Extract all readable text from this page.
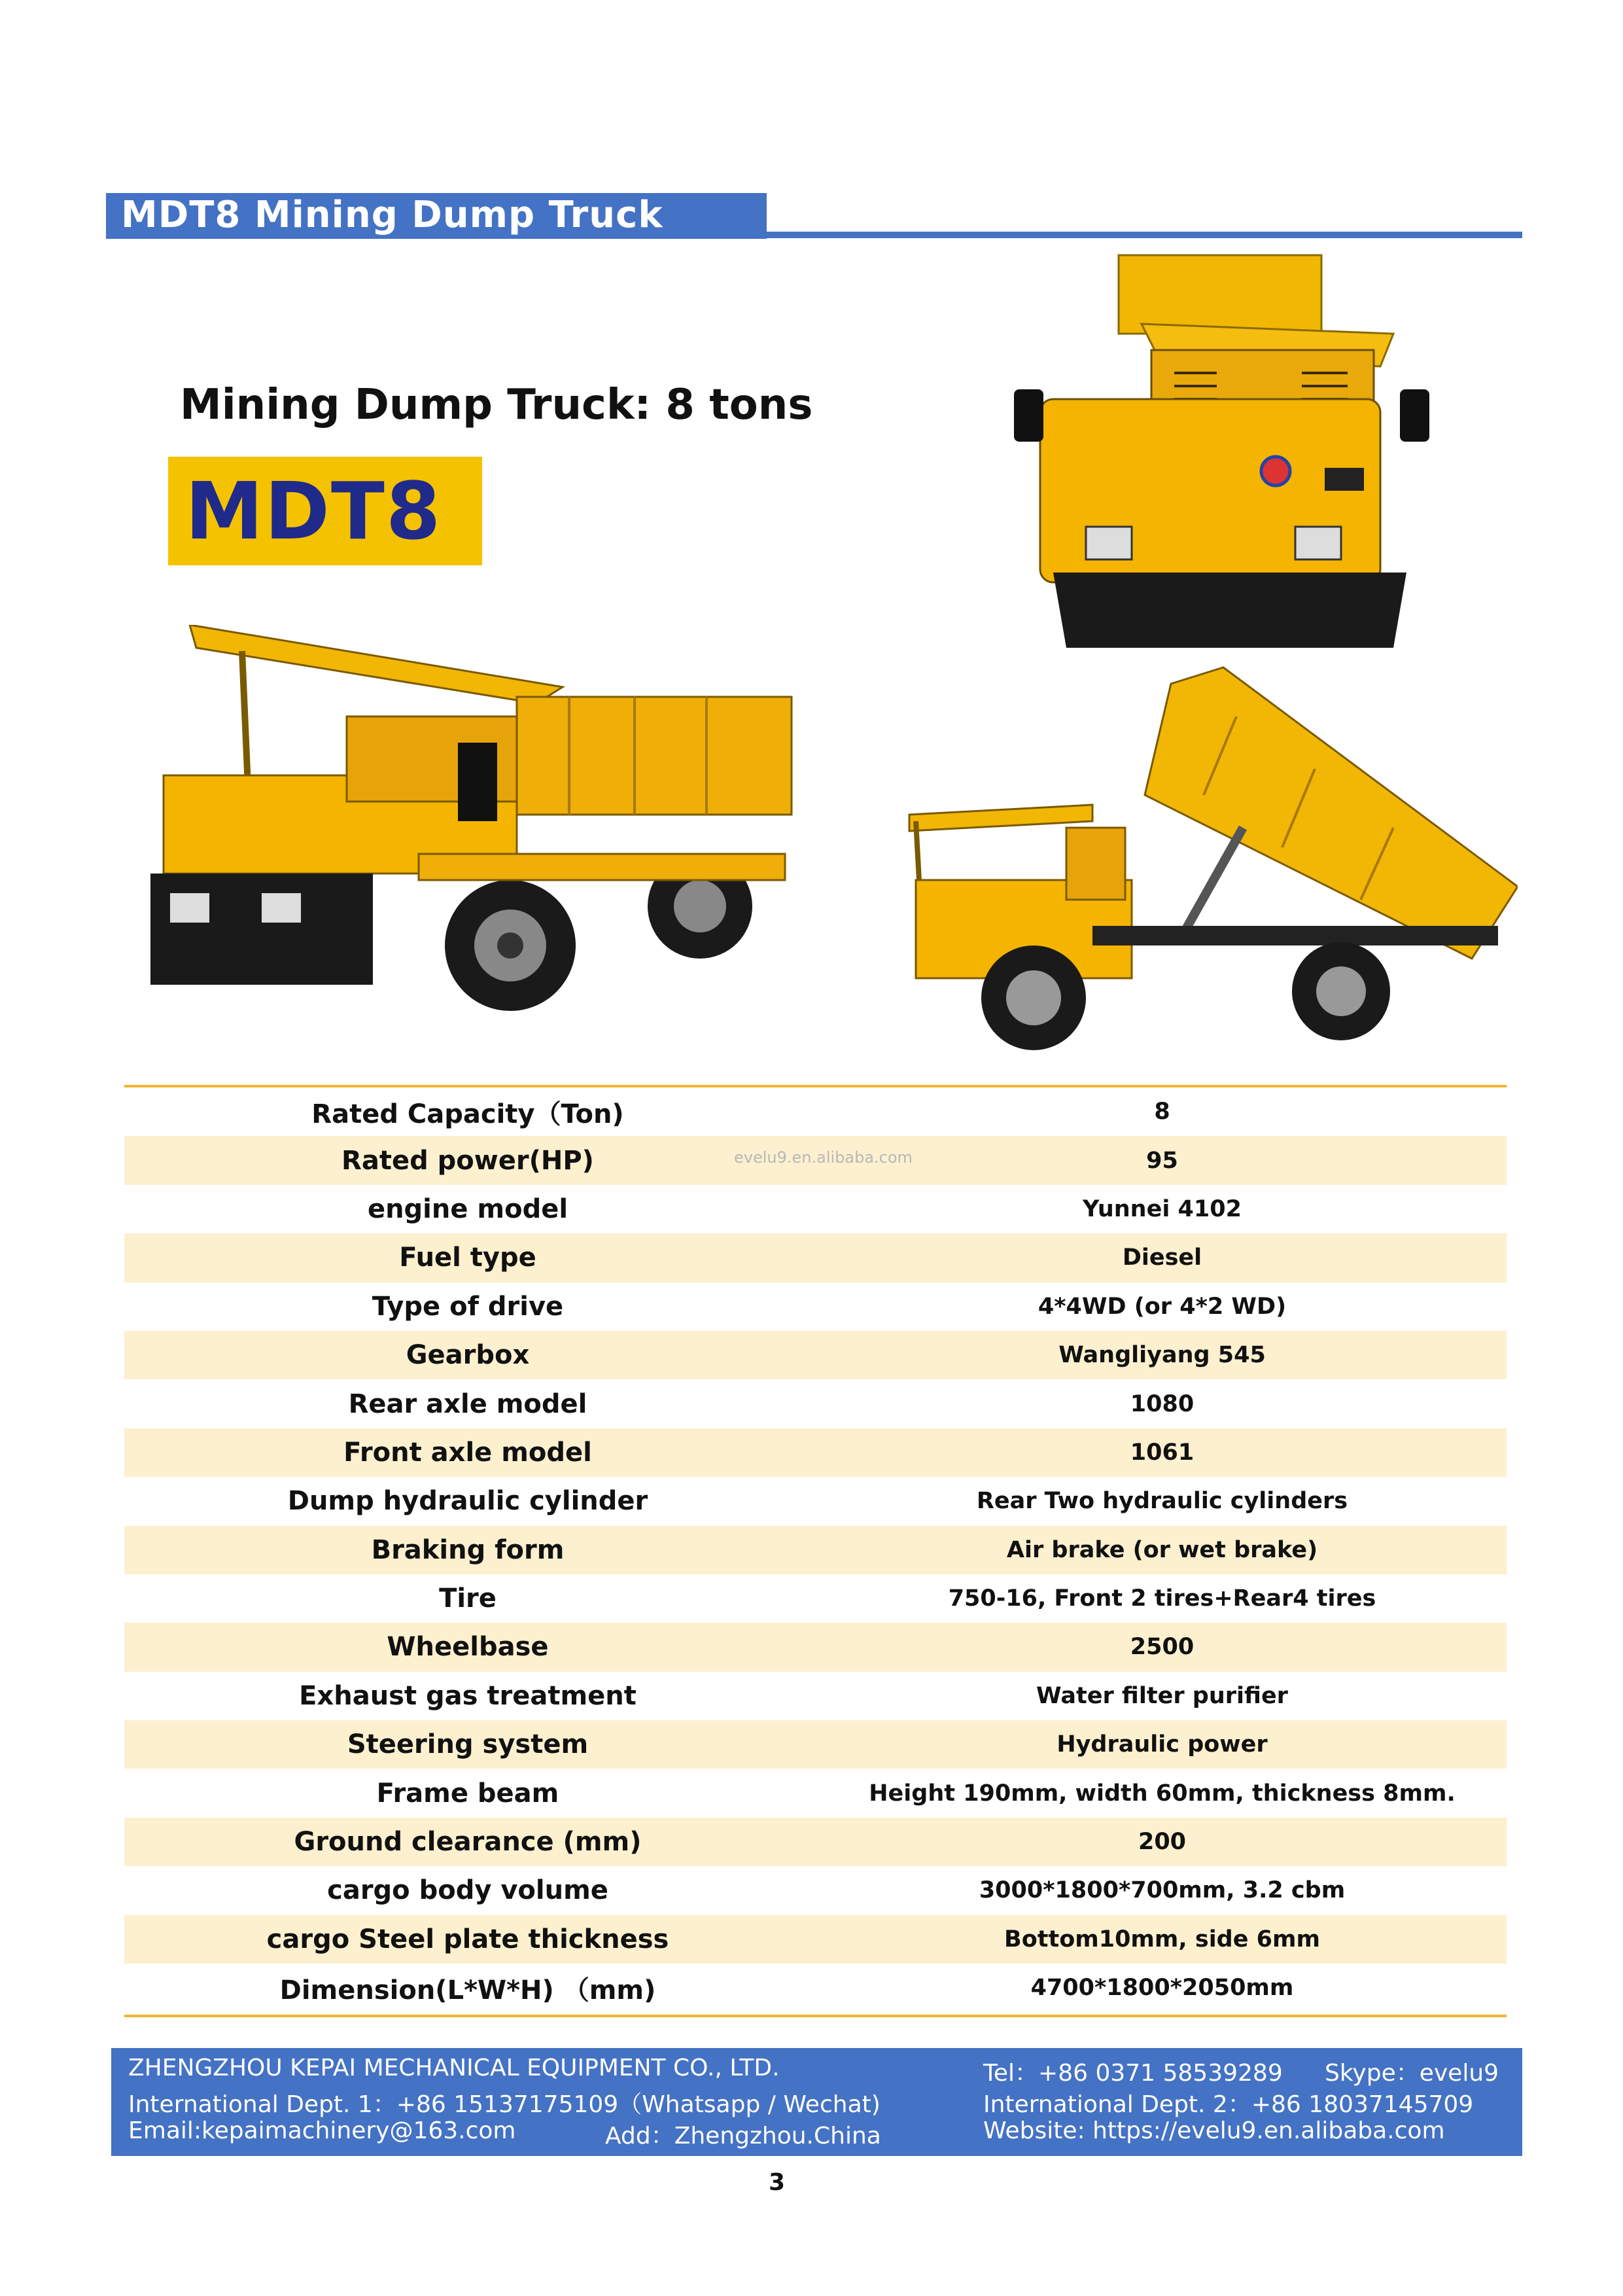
MDT8 Mining Dump Truck
Mining Dump Truck: 8 tons
MDT8
Rated Capacity（Ton)	8
Rated power(HP)	95
engine model	Yunnei 4102
Fuel type	Diesel
Type of drive	4*4WD (or 4*2 WD)
Gearbox	Wangliyang 545
Rear axle model	1080
Front axle model	1061
Dump hydraulic cylinder	Rear Two hydraulic cylinders
Braking form	Air brake (or wet brake)
Tire	750-16, Front 2 tires+Rear4 tires
Wheelbase	2500
Exhaust gas treatment	Water filter purifier
Steering system	Hydraulic power
Frame beam	Height 190mm, width 60mm, thickness 8mm.
Ground clearance (mm)	200
cargo body volume	3000*1800*700mm, 3.2 cbm
cargo Steel plate thickness	Bottom10mm, side 6mm
Dimension(L*W*H) （mm)	4700*1800*2050mm
evelu9.en.alibaba.com
ZHENGZHOU KEPAI MECHANICAL EQUIPMENT CO., LTD.	Tel：+86 0371 58539289 Skype：evelu9
International Dept. 1：+86 15137175109（Whatsapp / Wechat)	International Dept. 2：+86 18037145709
Email:kepaimachinery@163.com	Add：Zhengzhou.China	Website: https://evelu9.en.alibaba.com
3
